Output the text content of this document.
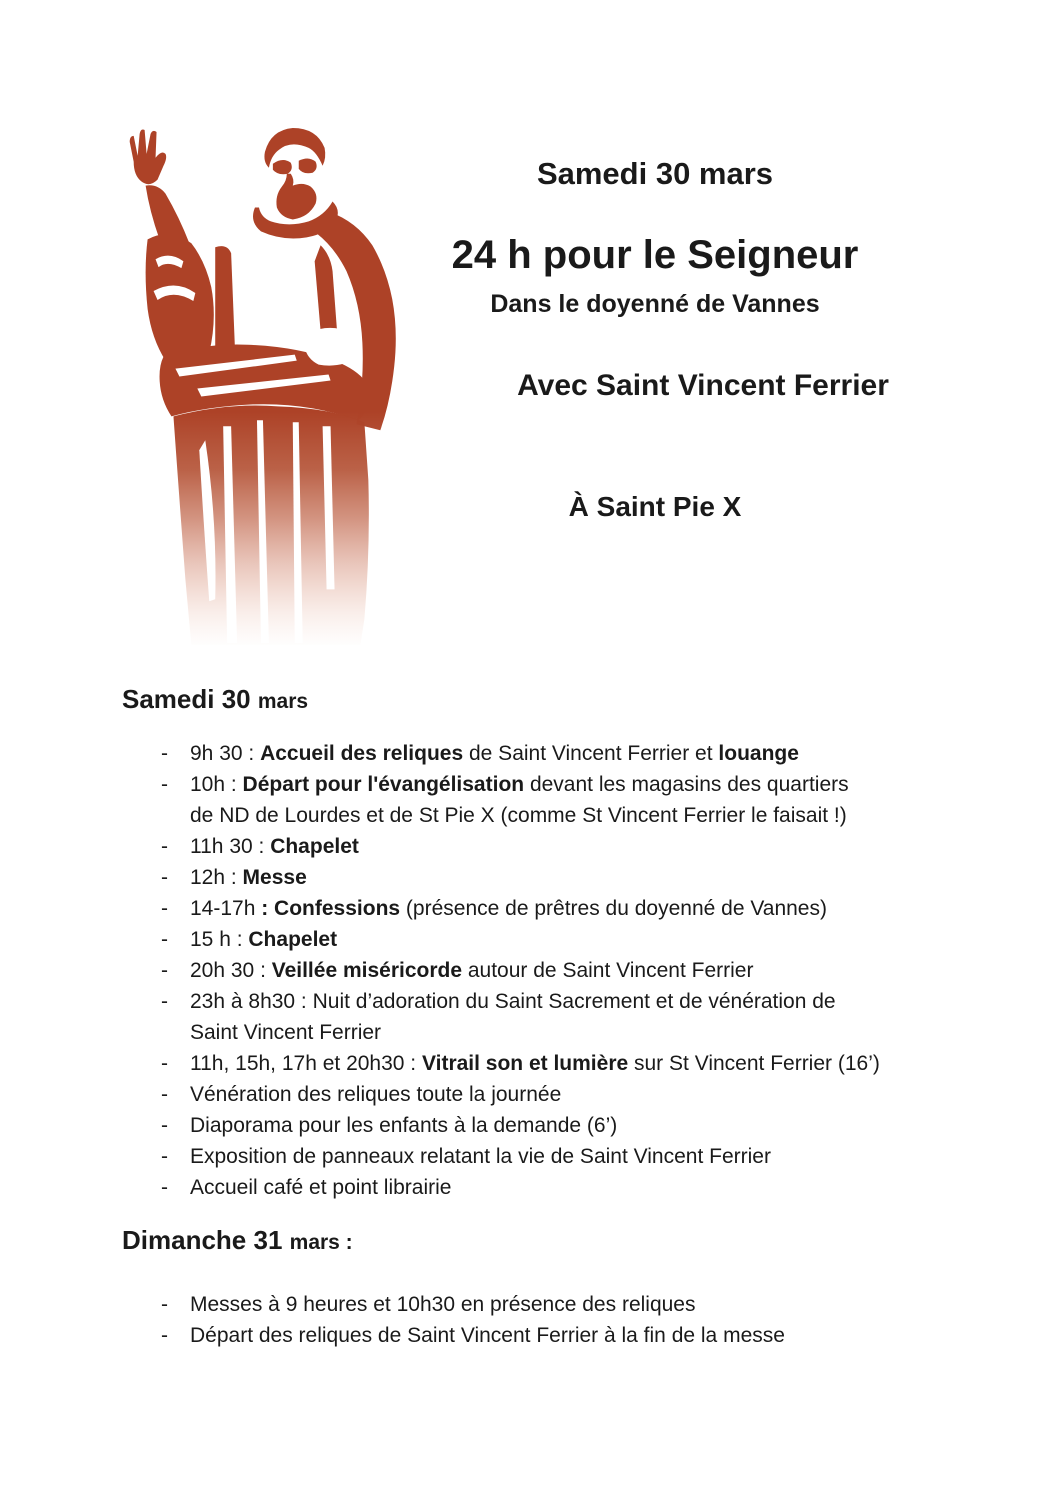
Samedi 30 mars
24 h pour le Seigneur
Dans le doyenné de Vannes
Avec Saint Vincent Ferrier
À Saint Pie X
Samedi 30 mars
- 9h 30 : Accueil des reliques de Saint Vincent Ferrier et louange
- 10h : Départ pour l'évangélisation devant les magasins des quartiers
de ND de Lourdes et de St Pie X (comme St Vincent Ferrier le faisait !)
- 11h 30 : Chapelet
- 12h : Messe
- 14-17h : Confessions (présence de prêtres du doyenné de Vannes)
- 15 h : Chapelet
- 20h 30 : Veillée miséricorde autour de Saint Vincent Ferrier
- 23h à 8h30 : Nuit d’adoration du Saint Sacrement et de vénération de
Saint Vincent Ferrier
- 11h, 15h, 17h et 20h30 : Vitrail son et lumière sur St Vincent Ferrier (16’)
- Vénération des reliques toute la journée
- Diaporama pour les enfants à la demande (6’)
- Exposition de panneaux relatant la vie de Saint Vincent Ferrier
- Accueil café et point librairie
Dimanche 31 mars :
- Messes à 9 heures et 10h30 en présence des reliques
- Départ des reliques de Saint Vincent Ferrier à la fin de la messe
